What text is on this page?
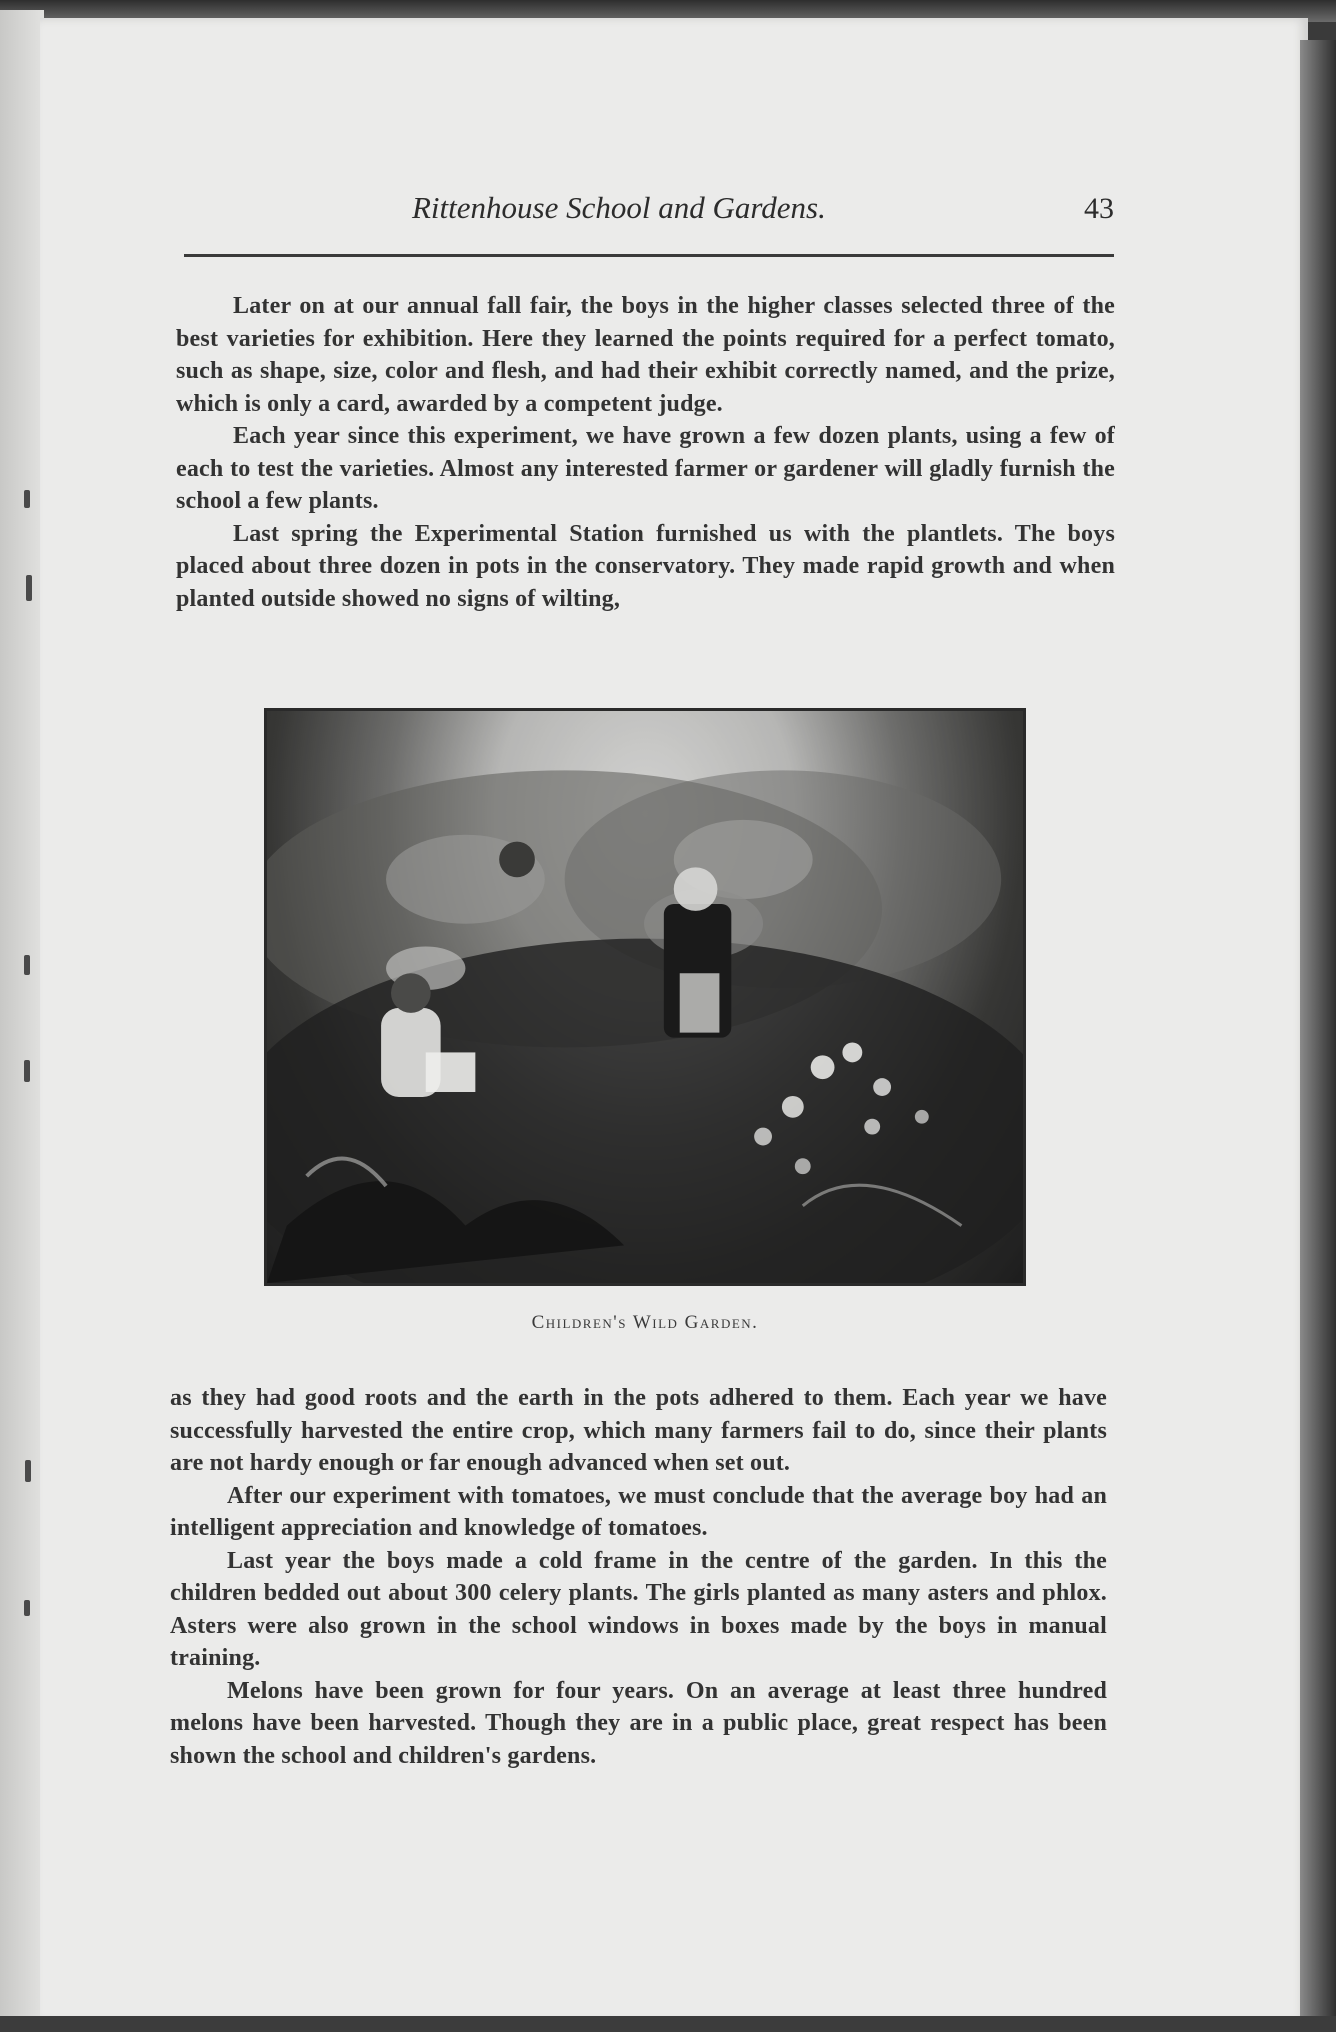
Rittenhouse School and Gardens.	43

Later on at our annual fall fair, the boys in the higher classes selected three of the best varieties for exhibition. Here they learned the points required for a perfect tomato, such as shape, size, color and flesh, and had their exhibit correctly named, and the prize, which is only a card, awarded by a competent judge.

Each year since this experiment, we have grown a few dozen plants, using a few of each to test the varieties. Almost any interested farmer or gardener will gladly furnish the school a few plants.

Last spring the Experimental Station furnished us with the plantlets. The boys placed about three dozen in pots in the conservatory. They made rapid growth and when planted outside showed no signs of wilting,

Children's Wild Garden.

as they had good roots and the earth in the pots adhered to them. Each year we have successfully harvested the entire crop, which many farmers fail to do, since their plants are not hardy enough or far enough advanced when set out.

After our experiment with tomatoes, we must conclude that the average boy had an intelligent appreciation and knowledge of tomatoes.

Last year the boys made a cold frame in the centre of the garden. In this the children bedded out about 300 celery plants. The girls planted as many asters and phlox. Asters were also grown in the school windows in boxes made by the boys in manual training.

Melons have been grown for four years. On an average at least three hundred melons have been harvested. Though they are in a public place, great respect has been shown the school and children's gardens.
